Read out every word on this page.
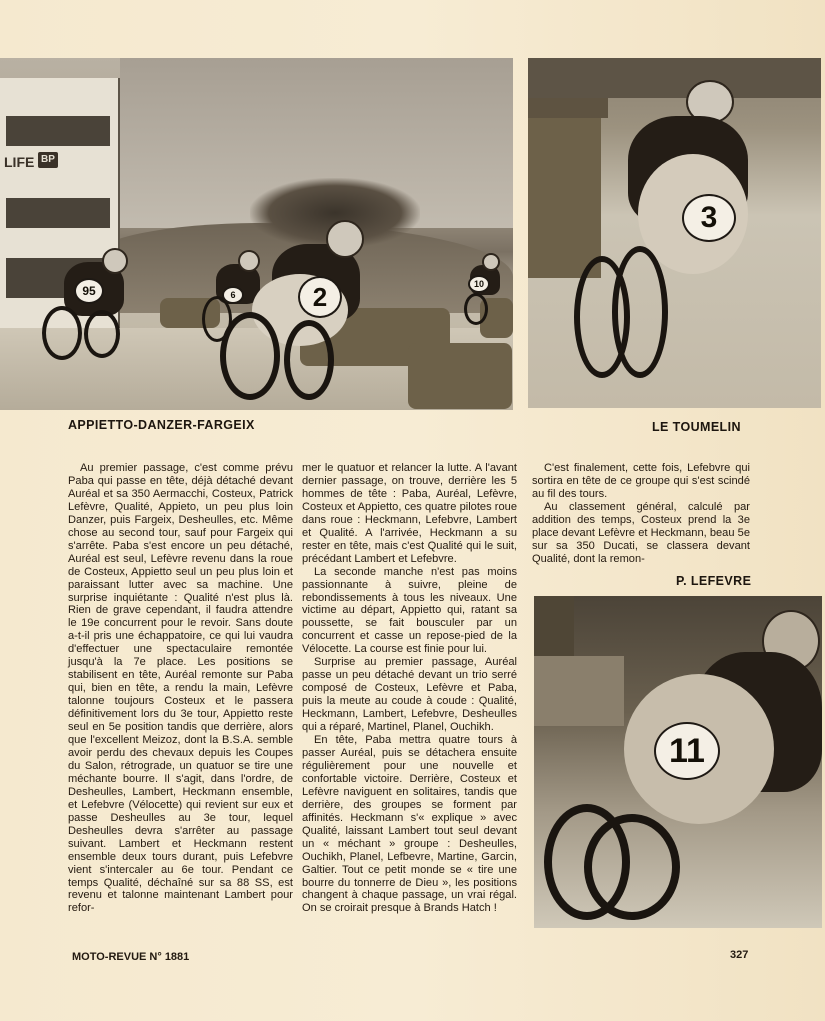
LIFE BP
95	10
6	2
3
11
APPIETTO-DANZER-FARGEIX	LE TOUMELIN
P. LEFEVRE

Au premier passage, c'est comme prévu Paba qui passe en tête, déjà détaché devant Auréal et sa 350 Aermacchi, Costeux, Patrick Lefèvre, Qualité, Appieto, un peu plus loin Danzer, puis Fargeix, Desheulles, etc. Même chose au second tour, sauf pour Fargeix qui s'arrête. Paba s'est encore un peu détaché, Auréal est seul, Lefèvre revenu dans la roue de Costeux, Appietto seul un peu plus loin et paraissant lutter avec sa machine. Une surprise inquiétante : Qualité n'est plus là. Rien de grave cependant, il faudra attendre le 19e concurrent pour le revoir. Sans doute a-t-il pris une échappatoire, ce qui lui vaudra d'effectuer une spectaculaire remontée jusqu'à la 7e place. Les positions se stabilisent en tête, Auréal remonte sur Paba qui, bien en tête, a rendu la main, Lefèvre talonne toujours Costeux et le passera définitivement lors du 3e tour, Appietto reste seul en 5e position tandis que derrière, alors que l'excellent Meizoz, dont la B.S.A. semble avoir perdu des chevaux depuis les Coupes du Salon, rétrograde, un quatuor se tire une méchante bourre. Il s'agit, dans l'ordre, de Desheulles, Lambert, Heckmann ensemble, et Lefebvre (Vélocette) qui revient sur eux et passe Desheulles au 3e tour, lequel Desheulles devra s'arrêter au passage suivant. Lambert et Heckmann restent ensemble deux tours durant, puis Lefebvre vient s'intercaler au 6e tour. Pendant ce temps Qualité, déchaîné sur sa 88 SS, est revenu et talonne maintenant Lambert pour refor-

mer le quatuor et relancer la lutte. A l'avant dernier passage, on trouve, derrière les 5 hommes de tête : Paba, Auréal, Lefèvre, Costeux et Appietto, ces quatre pilotes roue dans roue : Heckmann, Lefebvre, Lambert et Qualité. A l'arrivée, Heckmann a su rester en tête, mais c'est Qualité qui le suit, précédant Lambert et Lefebvre.

La seconde manche n'est pas moins passionnante à suivre, pleine de rebondissements à tous les niveaux. Une victime au départ, Appietto qui, ratant sa poussette, se fait bousculer par un concurrent et casse un repose-pied de la Vélocette. La course est finie pour lui.

Surprise au premier passage, Auréal passe un peu détaché devant un trio serré composé de Costeux, Lefèvre et Paba, puis la meute au coude à coude : Qualité, Heckmann, Lambert, Lefebvre, Desheulles qui a réparé, Martinel, Planel, Ouchikh.

En tête, Paba mettra quatre tours à passer Auréal, puis se détachera ensuite régulièrement pour une nouvelle et confortable victoire. Derrière, Costeux et Lefèvre naviguent en solitaires, tandis que derrière, des groupes se forment par affinités. Heckmann s'« explique » avec Qualité, laissant Lambert tout seul devant un « méchant » groupe : Desheulles, Ouchikh, Planel, Lefbevre, Martine, Garcin, Galtier. Tout ce petit monde se « tire une bourre du tonnerre de Dieu », les positions changent à chaque passage, un vrai régal. On se croirait presque à Brands Hatch !

C'est finalement, cette fois, Lefebvre qui sortira en tête de ce groupe qui s'est scindé au fil des tours.

Au classement général, calculé par addition des temps, Costeux prend la 3e place devant Lefèvre et Heckmann, beau 5e sur sa 350 Ducati, se classera devant Qualité, dont la remon-

MOTO-REVUE N° 1881	327
